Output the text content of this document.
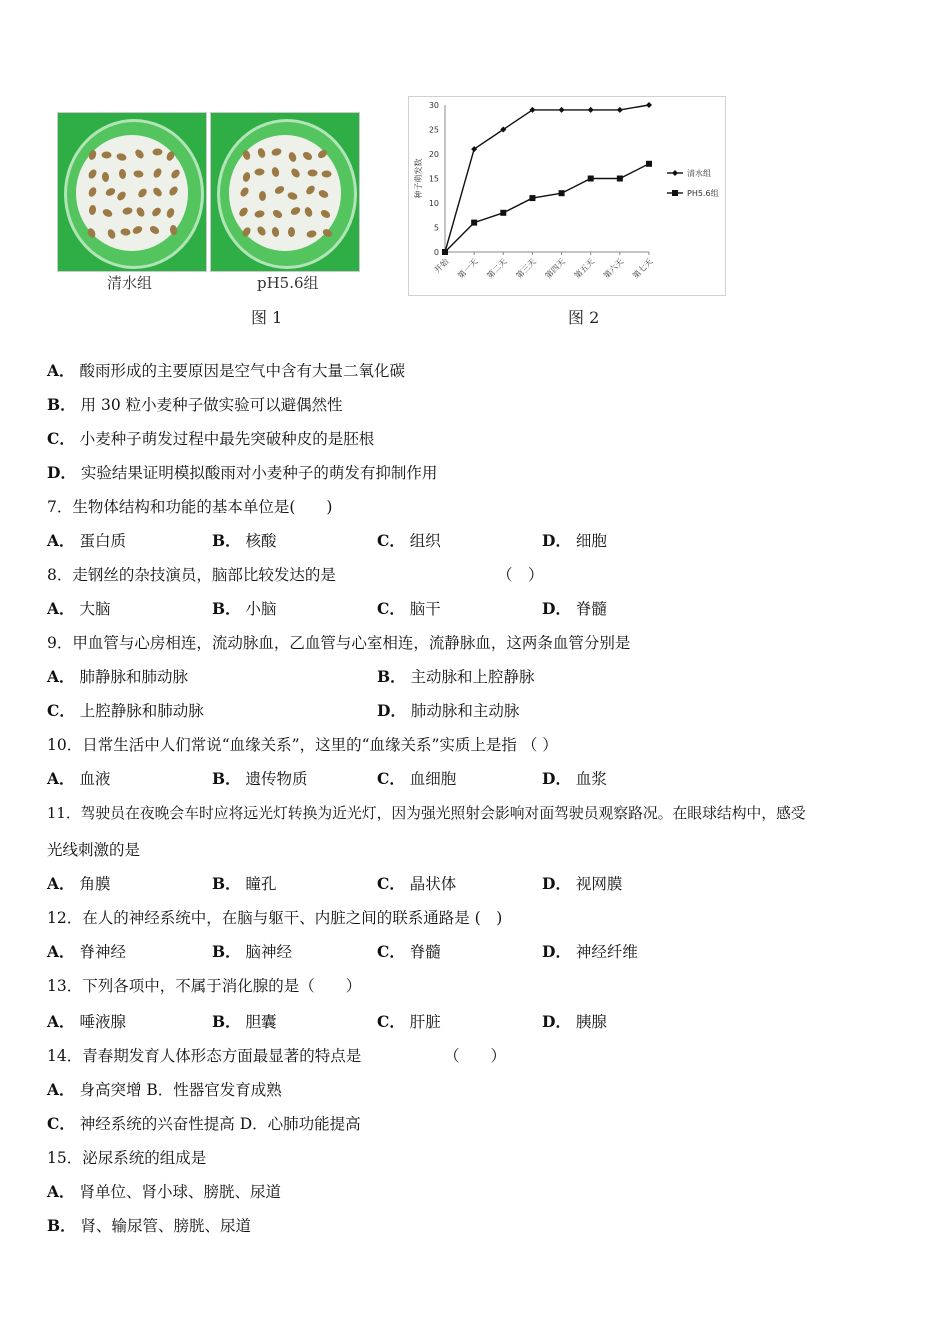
清水组	pH5.6组
图 1
0
5
10
15
20
25
30
开始 第一天 第二天 第三天 第四天 第五天 第六天 第七天
种子萌发数	清水组
PH5.6组
图 2
A． 酸雨形成的主要原因是空气中含有大量二氧化碳
B． 用 30 粒小麦种子做实验可以避偶然性
C． 小麦种子萌发过程中最先突破种皮的是胚根
D． 实验结果证明模拟酸雨对小麦种子的萌发有抑制作用
7．生物体结构和功能的基本单位是(　　)
A． 蛋白质	B． 核酸	C． 组织	D． 细胞
8．走钢丝的杂技演员，脑部比较发达的是	（　）
A． 大脑	B． 小脑	C． 脑干	D． 脊髓
9．甲血管与心房相连，流动脉血，乙血管与心室相连，流静脉血，这两条血管分别是
A． 肺静脉和肺动脉	B． 主动脉和上腔静脉
C． 上腔静脉和肺动脉	D． 肺动脉和主动脉
10．日常生活中人们常说“血缘关系”，这里的“血缘关系”实质上是指 （ ）
A． 血液	B． 遗传物质	C． 血细胞	D． 血浆
11．驾驶员在夜晚会车时应将远光灯转换为近光灯，因为强光照射会影响对面驾驶员观察路况。在眼球结构中，感受
光线刺激的是
A． 角膜	B． 瞳孔	C． 晶状体	D． 视网膜
12．在人的神经系统中，在脑与躯干、内脏之间的联系通路是 (　)
A． 脊神经	B． 脑神经	C． 脊髓	D． 神经纤维
13．下列各项中，不属于消化腺的是（　　）
A． 唾液腺	B． 胆囊	C． 肝脏	D． 胰腺
14．青春期发育人体形态方面最显著的特点是	（　　）
A． 身高突增 B．性器官发育成熟
C． 神经系统的兴奋性提高 D．心肺功能提高
15．泌尿系统的组成是
A． 肾单位、肾小球、膀胱、尿道
B． 肾、输尿管、膀胱、尿道
